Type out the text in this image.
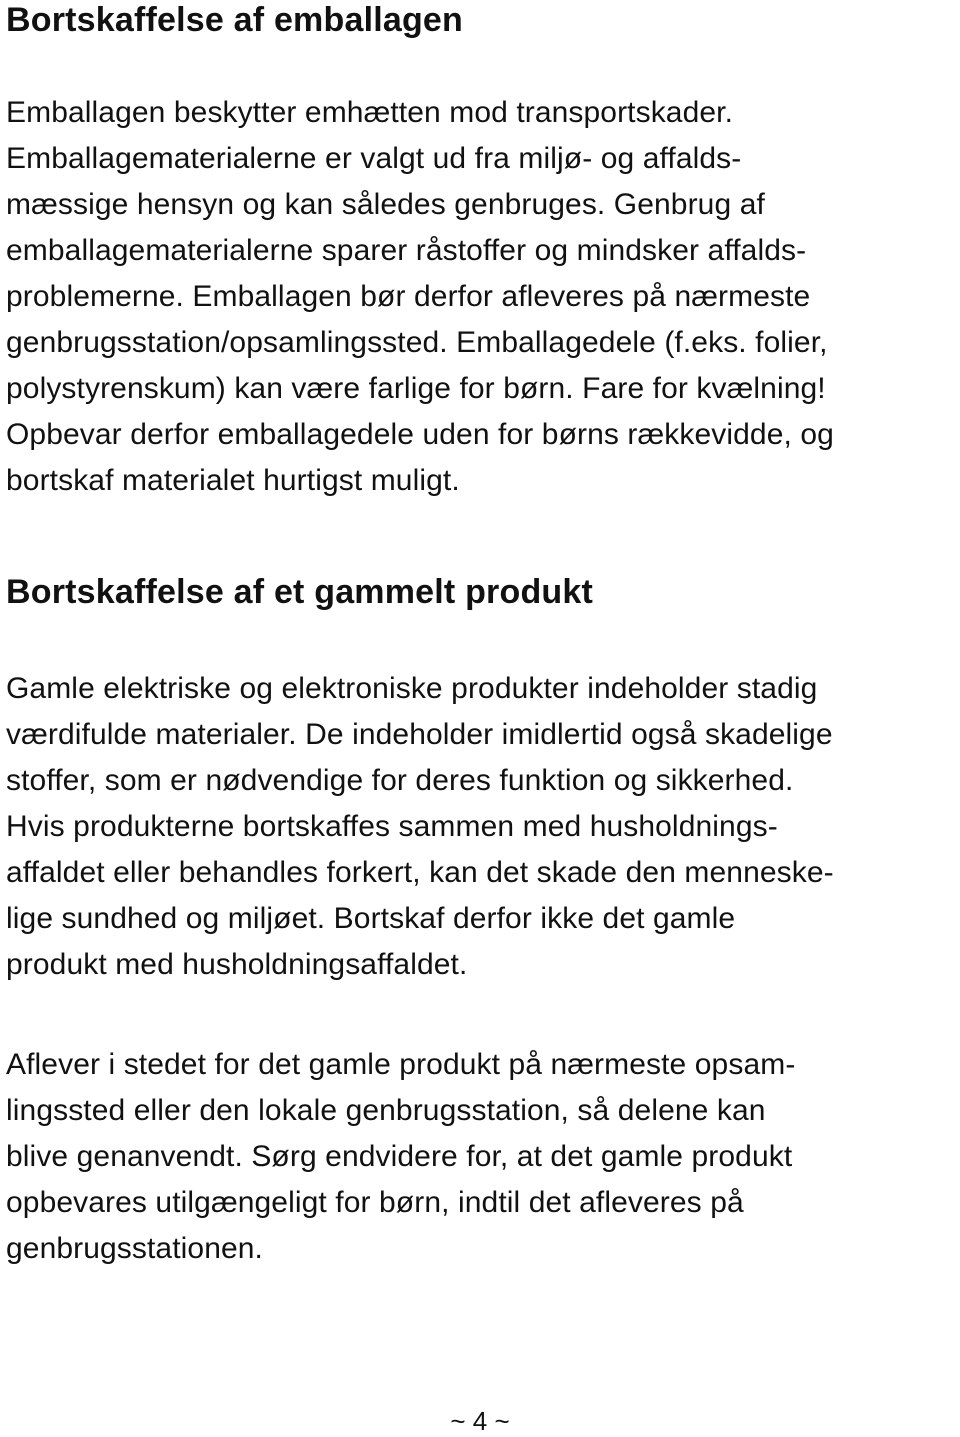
Bortskaffelse af emballagen
Emballagen beskytter emhætten mod transportskader.
Emballagematerialerne er valgt ud fra miljø- og affalds-
mæssige hensyn og kan således genbruges. Genbrug af
emballagematerialerne sparer råstoffer og mindsker affalds-
problemerne. Emballagen bør derfor afleveres på nærmeste
genbrugsstation/opsamlingssted. Emballagedele (f.eks. folier,
polystyrenskum) kan være farlige for børn. Fare for kvælning!
Opbevar derfor emballagedele uden for børns rækkevidde, og
bortskaf materialet hurtigst muligt.
Bortskaffelse af et gammelt produkt
Gamle elektriske og elektroniske produkter indeholder stadig
værdifulde materialer. De indeholder imidlertid også skadelige
stoffer, som er nødvendige for deres funktion og sikkerhed.
Hvis produkterne bortskaffes sammen med husholdnings-
affaldet eller behandles forkert, kan det skade den menneske-
lige sundhed og miljøet. Bortskaf derfor ikke det gamle
produkt med husholdningsaffaldet.
Aflever i stedet for det gamle produkt på nærmeste opsam-
lingssted eller den lokale genbrugsstation, så delene kan
blive genanvendt. Sørg endvidere for, at det gamle produkt
opbevares utilgængeligt for børn, indtil det afleveres på
genbrugsstationen.
~ 4 ~
